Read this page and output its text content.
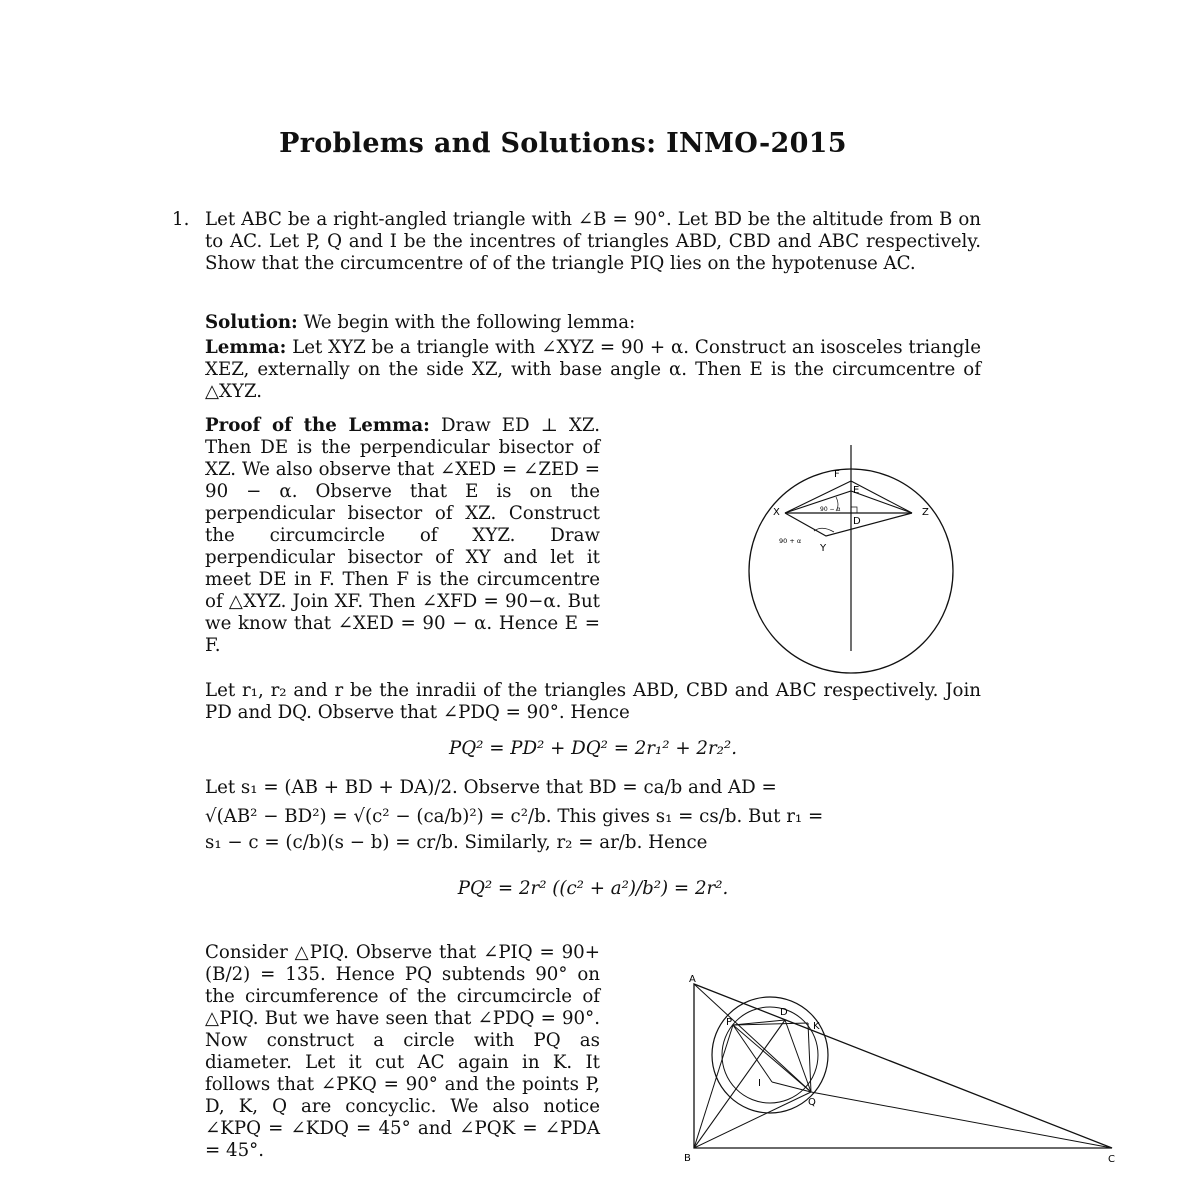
Problems and Solutions: INMO-2015
1. Let ABC be a right-angled triangle with ∠B = 90°. Let BD be the altitude from B on to AC. Let P, Q and I be the incentres of triangles ABD, CBD and ABC respectively. Show that the circumcentre of of the triangle PIQ lies on the hypotenuse AC.

Solution: We begin with the following lemma:

Lemma: Let XYZ be a triangle with ∠XYZ = 90 + α. Construct an isosceles triangle XEZ, externally on the side XZ, with base angle α. Then E is the circumcentre of △XYZ.

Proof of the Lemma: Draw ED ⊥ XZ. Then DE is the perpendicular bisector of XZ. We also observe that ∠XED = ∠ZED = 90 − α. Observe that E is on the perpendicular bisector of XZ. Construct the circumcircle of XYZ. Draw perpendicular bisector of XY and let it meet DE in F. Then F is the circumcentre of △XYZ. Join XF. Then ∠XFD = 90−α. But we know that ∠XED = 90 − α. Hence E = F.

F
E
X	Z
D
Y
90 − α
90 + α

Let r₁, r₂ and r be the inradii of the triangles ABD, CBD and ABC respectively. Join PD and DQ. Observe that ∠PDQ = 90°. Hence

PQ² = PD² + DQ² = 2r₁² + 2r₂².
Let s₁ = (AB + BD + DA)/2. Observe that BD = ca/b and AD =
√(AB² − BD²) = √(c² − (ca/b)²) = c²/b. This gives s₁ = cs/b. But r₁ =
s₁ − c = (c/b)(s − b) = cr/b. Similarly, r₂ = ar/b. Hence
PQ² = 2r² ((c² + a²)/b²) = 2r².

Consider △PIQ. Observe that ∠PIQ = 90+(B/2) = 135. Hence PQ subtends 90° on the circumference of the circumcircle of △PIQ. But we have seen that ∠PDQ = 90°. Now construct a circle with PQ as diameter. Let it cut AC again in K. It follows that ∠PKQ = 90° and the points P, D, K, Q are concyclic. We also notice ∠KPQ = ∠KDQ = 45° and ∠PQK = ∠PDA = 45°.

A
B	C
D
K
P
Q
I
